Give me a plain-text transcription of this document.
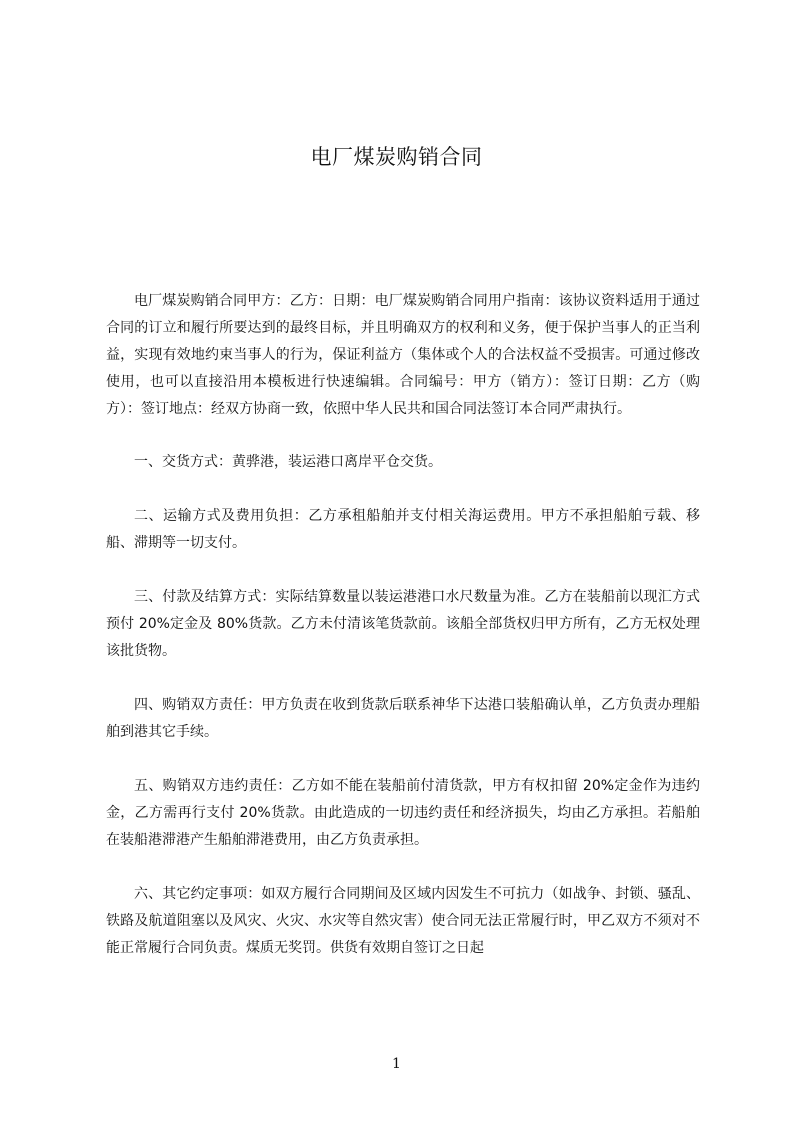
电厂煤炭购销合同

电厂煤炭购销合同甲方：乙方：日期：电厂煤炭购销合同用户指南：该协议资料适用于通过合同的订立和履行所要达到的最终目标，并且明确双方的权利和义务，便于保护当事人的正当利益，实现有效地约束当事人的行为，保证利益方（集体或个人的合法权益不受损害。可通过修改使用，也可以直接沿用本模板进行快速编辑。合同编号：甲方（销方）：签订日期：乙方（购方）：签订地点：经双方协商一致，依照中华人民共和国合同法签订本合同严肃执行。

一、交货方式：黄骅港，装运港口离岸平仓交货。

二、运输方式及费用负担：乙方承租船舶并支付相关海运费用。甲方不承担船舶亏载、移船、滞期等一切支付。

三、付款及结算方式：实际结算数量以装运港港口水尺数量为准。乙方在装船前以现汇方式预付 20%定金及 80%货款。乙方未付清该笔货款前。该船全部货权归甲方所有，乙方无权处理该批货物。

四、购销双方责任：甲方负责在收到货款后联系神华下达港口装船确认单，乙方负责办理船舶到港其它手续。

五、购销双方违约责任：乙方如不能在装船前付清货款，甲方有权扣留 20%定金作为违约金，乙方需再行支付 20%货款。由此造成的一切违约责任和经济损失，均由乙方承担。若船舶在装船港滞港产生船舶滞港费用，由乙方负责承担。

六、其它约定事项：如双方履行合同期间及区域内因发生不可抗力（如战争、封锁、骚乱、铁路及航道阻塞以及风灾、火灾、水灾等自然灾害）使合同无法正常履行时，甲乙双方不须对不能正常履行合同负责。煤质无奖罚。供货有效期自签订之日起

1
